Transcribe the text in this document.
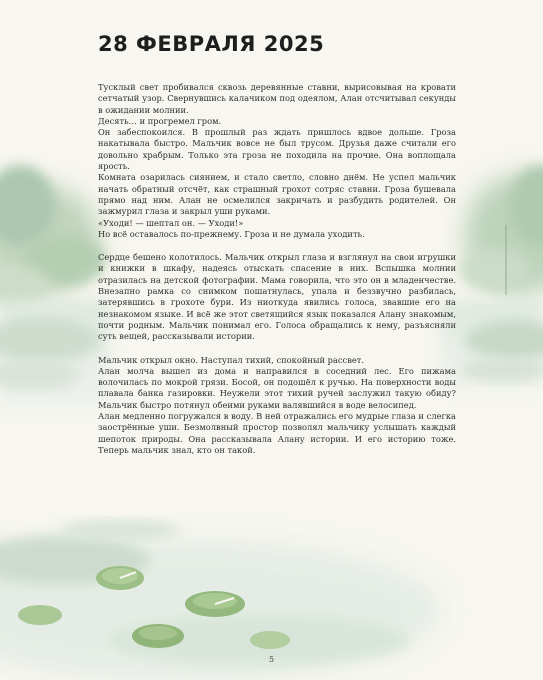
28 ФЕВРАЛЯ 2025

Тусклый свет пробивался сквозь деревянные ставни, вырисовывая на кровати сетчатый узор. Свернувшись калачиком под одеялом, Алан отсчитывал секунды в ожидании молнии.

Десять… и прогремел гром.

Он забеспокоился. В прошлый раз ждать пришлось вдвое дольше. Гроза накатывала быстро. Мальчик вовсе не был трусом. Друзья даже считали его довольно храбрым. Только эта гроза не походила на прочие. Она воплощала ярость.

Комната озарилась сиянием, и стало светло, словно днём. Не успел мальчик начать обратный отсчёт, как страшный грохот сотряс ставни. Гроза бушевала прямо над ним. Алан не осмелился закричать и разбудить родителей. Он зажмурил глаза и закрыл уши руками.

«Уходи! — шептал он. — Уходи!»

Но всё оставалось по-прежнему. Гроза и не думала уходить.

Сердце бешено колотилось. Мальчик открыл глаза и взглянул на свои игрушки и книжки в шкафу, надеясь отыскать спасение в них. Вспышка молнии отразилась на детской фотографии. Мама говорила, что это он в младенчестве. Внезапно рамка со снимком пошатнулась, упала и беззвучно разбилась, затерявшись в грохоте бури. Из ниоткуда явились голоса, звавшие его на незнакомом языке. И всё же этот светящийся язык показался Алану знакомым, почти родным. Мальчик понимал его. Голоса обращались к нему, разъясняли суть вещей, рассказывали истории.

Мальчик открыл окно. Наступал тихий, спокойный рассвет.

Алан молча вышел из дома и направился в соседний лес. Его пижама волочилась по мокрой грязи. Босой, он подошёл к ручью. На поверхности воды плавала банка газировки. Неужели этот тихий ручей заслужил такую обиду? Мальчик быстро потянул обеими руками валявшийся в воде велосипед.

Алан медленно погружался в воду. В ней отражались его мудрые глаза и слегка заострённые уши. Безмолвный простор позволял мальчику услышать каждый шепоток природы. Она рассказывала Алану истории. И его историю тоже. Теперь мальчик знал, кто он такой.

5
